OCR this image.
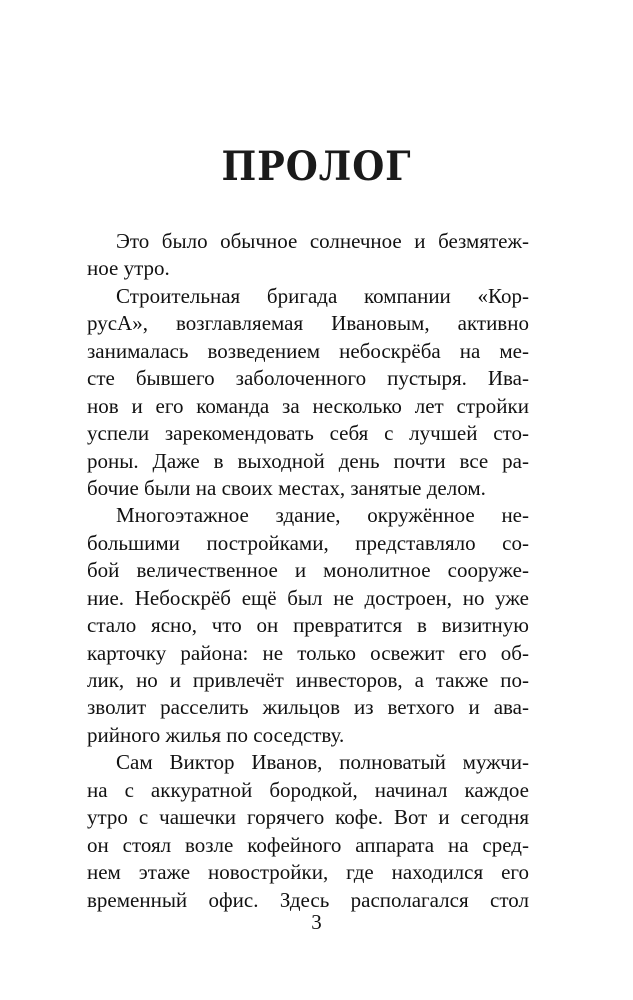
ПРОЛОГ
Это было обычное солнечное и безмятеж-
ное утро.
Строительная бригада компании «Кор-
русА», возглавляемая Ивановым, активно
занималась возведением небоскрёба на ме-
сте бывшего заболоченного пустыря. Ива-
нов и его команда за несколько лет стройки
успели зарекомендовать себя с лучшей сто-
роны. Даже в выходной день почти все ра-
бочие были на своих местах, занятые делом.
Многоэтажное здание, окружённое не-
большими постройками, представляло со-
бой величественное и монолитное сооруже-
ние. Небоскрёб ещё был не достроен, но уже
стало ясно, что он превратится в визитную
карточку района: не только освежит его об-
лик, но и привлечёт инвесторов, а также по-
зволит расселить жильцов из ветхого и ава-
рийного жилья по соседству.
Сам Виктор Иванов, полноватый мужчи-
на с аккуратной бородкой, начинал каждое
утро с чашечки горячего кофе. Вот и сегодня
он стоял возле кофейного аппарата на сред-
нем этаже новостройки, где находился его
временный офис. Здесь располагался стол
3
